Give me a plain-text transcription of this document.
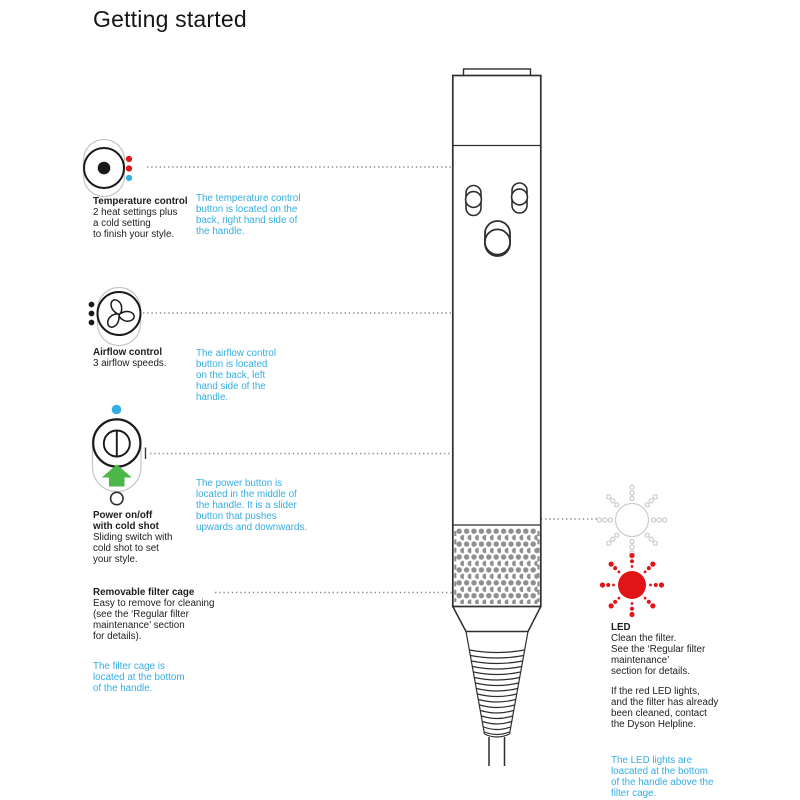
Getting started
Temperature control
2 heat settings plus
a cold setting
to finish your style.
The temperature control
button is located on the
back, right hand side of
the handle.
Airflow control
3 airflow speeds.
The airflow control
button is located
on the back, left
hand side of the
handle.
Power on/off
with cold shot
Sliding switch with
cold shot to set
your style.
The power button is
located in the middle of
the handle. It is a slider
button that pushes
upwards and downwards.
Removable filter cage
Easy to remove for cleaning
(see the ‘Regular filter
maintenance’ section
for details).
The filter cage is
located at the bottom
of the handle.
LED
Clean the filter.
See the ‘Regular filter
maintenance’
section for details.
If the red LED lights,
and the filter has already
been cleaned, contact
the Dyson Helpline.
The LED lights are
loacated at the bottom
of the handle above the
filter cage.
